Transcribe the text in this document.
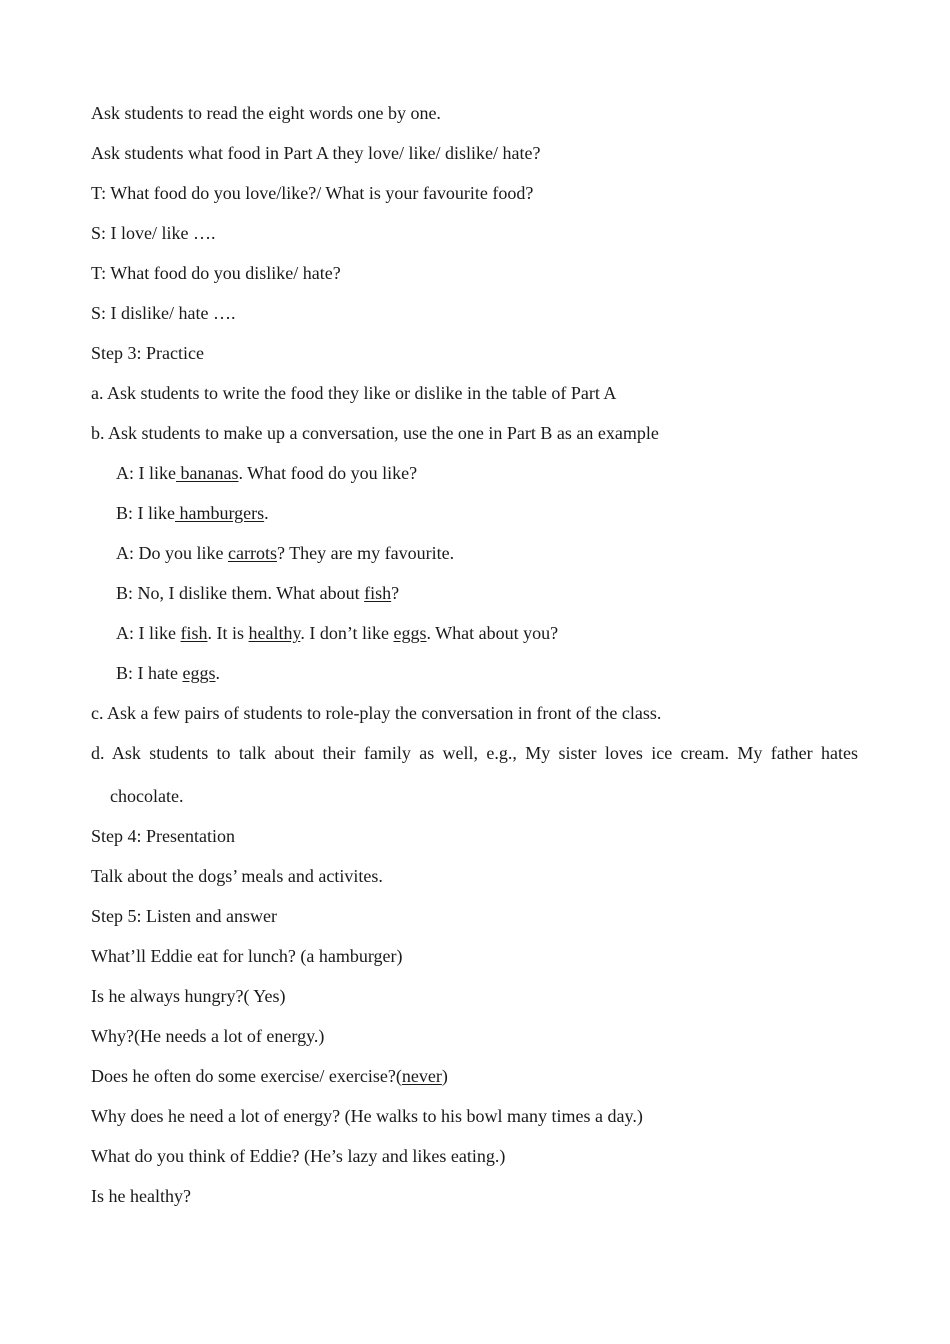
Ask students to read the eight words one by one.
Ask students what food in Part A they love/ like/ dislike/ hate?
T: What food do you love/like?/ What is your favourite food?
S: I love/ like ….
T: What food do you dislike/ hate?
S: I dislike/ hate ….
Step 3: Practice
a. Ask students to write the food they like or dislike in the table of Part A
b. Ask students to make up a conversation, use the one in Part B as an example
A: I like bananas. What food do you like?
B: I like hamburgers.
A: Do you like carrots? They are my favourite.
B: No, I dislike them. What about fish?
A: I like fish. It is healthy. I don’t like eggs. What about you?
B: I hate eggs.
c. Ask a few pairs of students to role-play the conversation in front of the class.
d. Ask students to talk about their family as well, e.g., My sister loves ice cream. My father hates
chocolate.
Step 4: Presentation
Talk about the dogs’ meals and activites.
Step 5: Listen and answer
What’ll Eddie eat for lunch? (a hamburger)
Is he always hungry?( Yes)
Why?(He needs a lot of energy.)
Does he often do some exercise/ exercise?(never)
Why does he need a lot of energy? (He walks to his bowl many times a day.)
What do you think of Eddie? (He’s lazy and likes eating.)
Is he healthy?
